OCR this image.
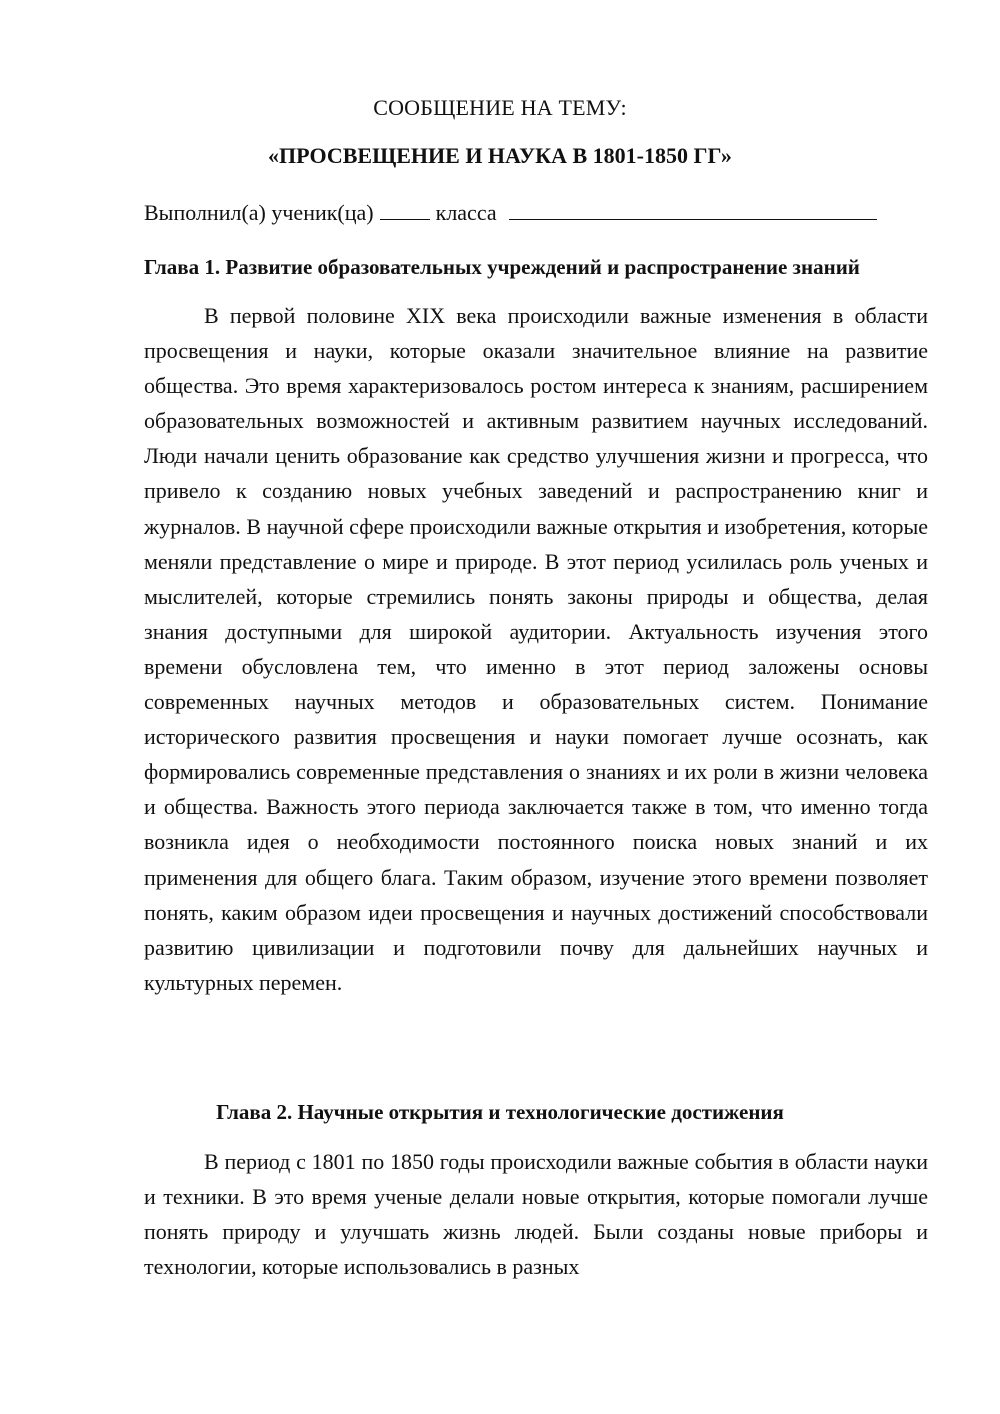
СООБЩЕНИЕ НА ТЕМУ:
«ПРОСВЕЩЕНИЕ И НАУКА В 1801-1850 ГГ»
Выполнил(а) ученик(ца)	класса
Глава 1. Развитие образовательных учреждений и распространение знаний
В первой половине XIX века происходили важные изменения в области просвещения и науки, которые оказали значительное влияние на развитие общества. Это время характеризовалось ростом интереса к знаниям, расширением образовательных возможностей и активным развитием научных исследований. Люди начали ценить образование как средство улучшения жизни и прогресса, что привело к созданию новых учебных заведений и распространению книг и журналов. В научной сфере происходили важные открытия и изобретения, которые меняли представление о мире и природе. В этот период усилилась роль ученых и мыслителей, которые стремились понять законы природы и общества, делая знания доступными для широкой аудитории. Актуальность изучения этого времени обусловлена тем, что именно в этот период заложены основы современных научных методов и образовательных систем. Понимание исторического развития просвещения и науки помогает лучше осознать, как формировались современные представления о знаниях и их роли в жизни человека и общества. Важность этого периода заключается также в том, что именно тогда возникла идея о необходимости постоянного поиска новых знаний и их применения для общего блага. Таким образом, изучение этого времени позволяет понять, каким образом идеи просвещения и научных достижений способствовали развитию цивилизации и подготовили почву для дальнейших научных и культурных перемен.
Глава 2. Научные открытия и технологические достижения
В период с 1801 по 1850 годы происходили важные события в области науки и техники. В это время ученые делали новые открытия, которые помогали лучше понять природу и улучшать жизнь людей. Были созданы новые приборы и технологии, которые использовались в разных
